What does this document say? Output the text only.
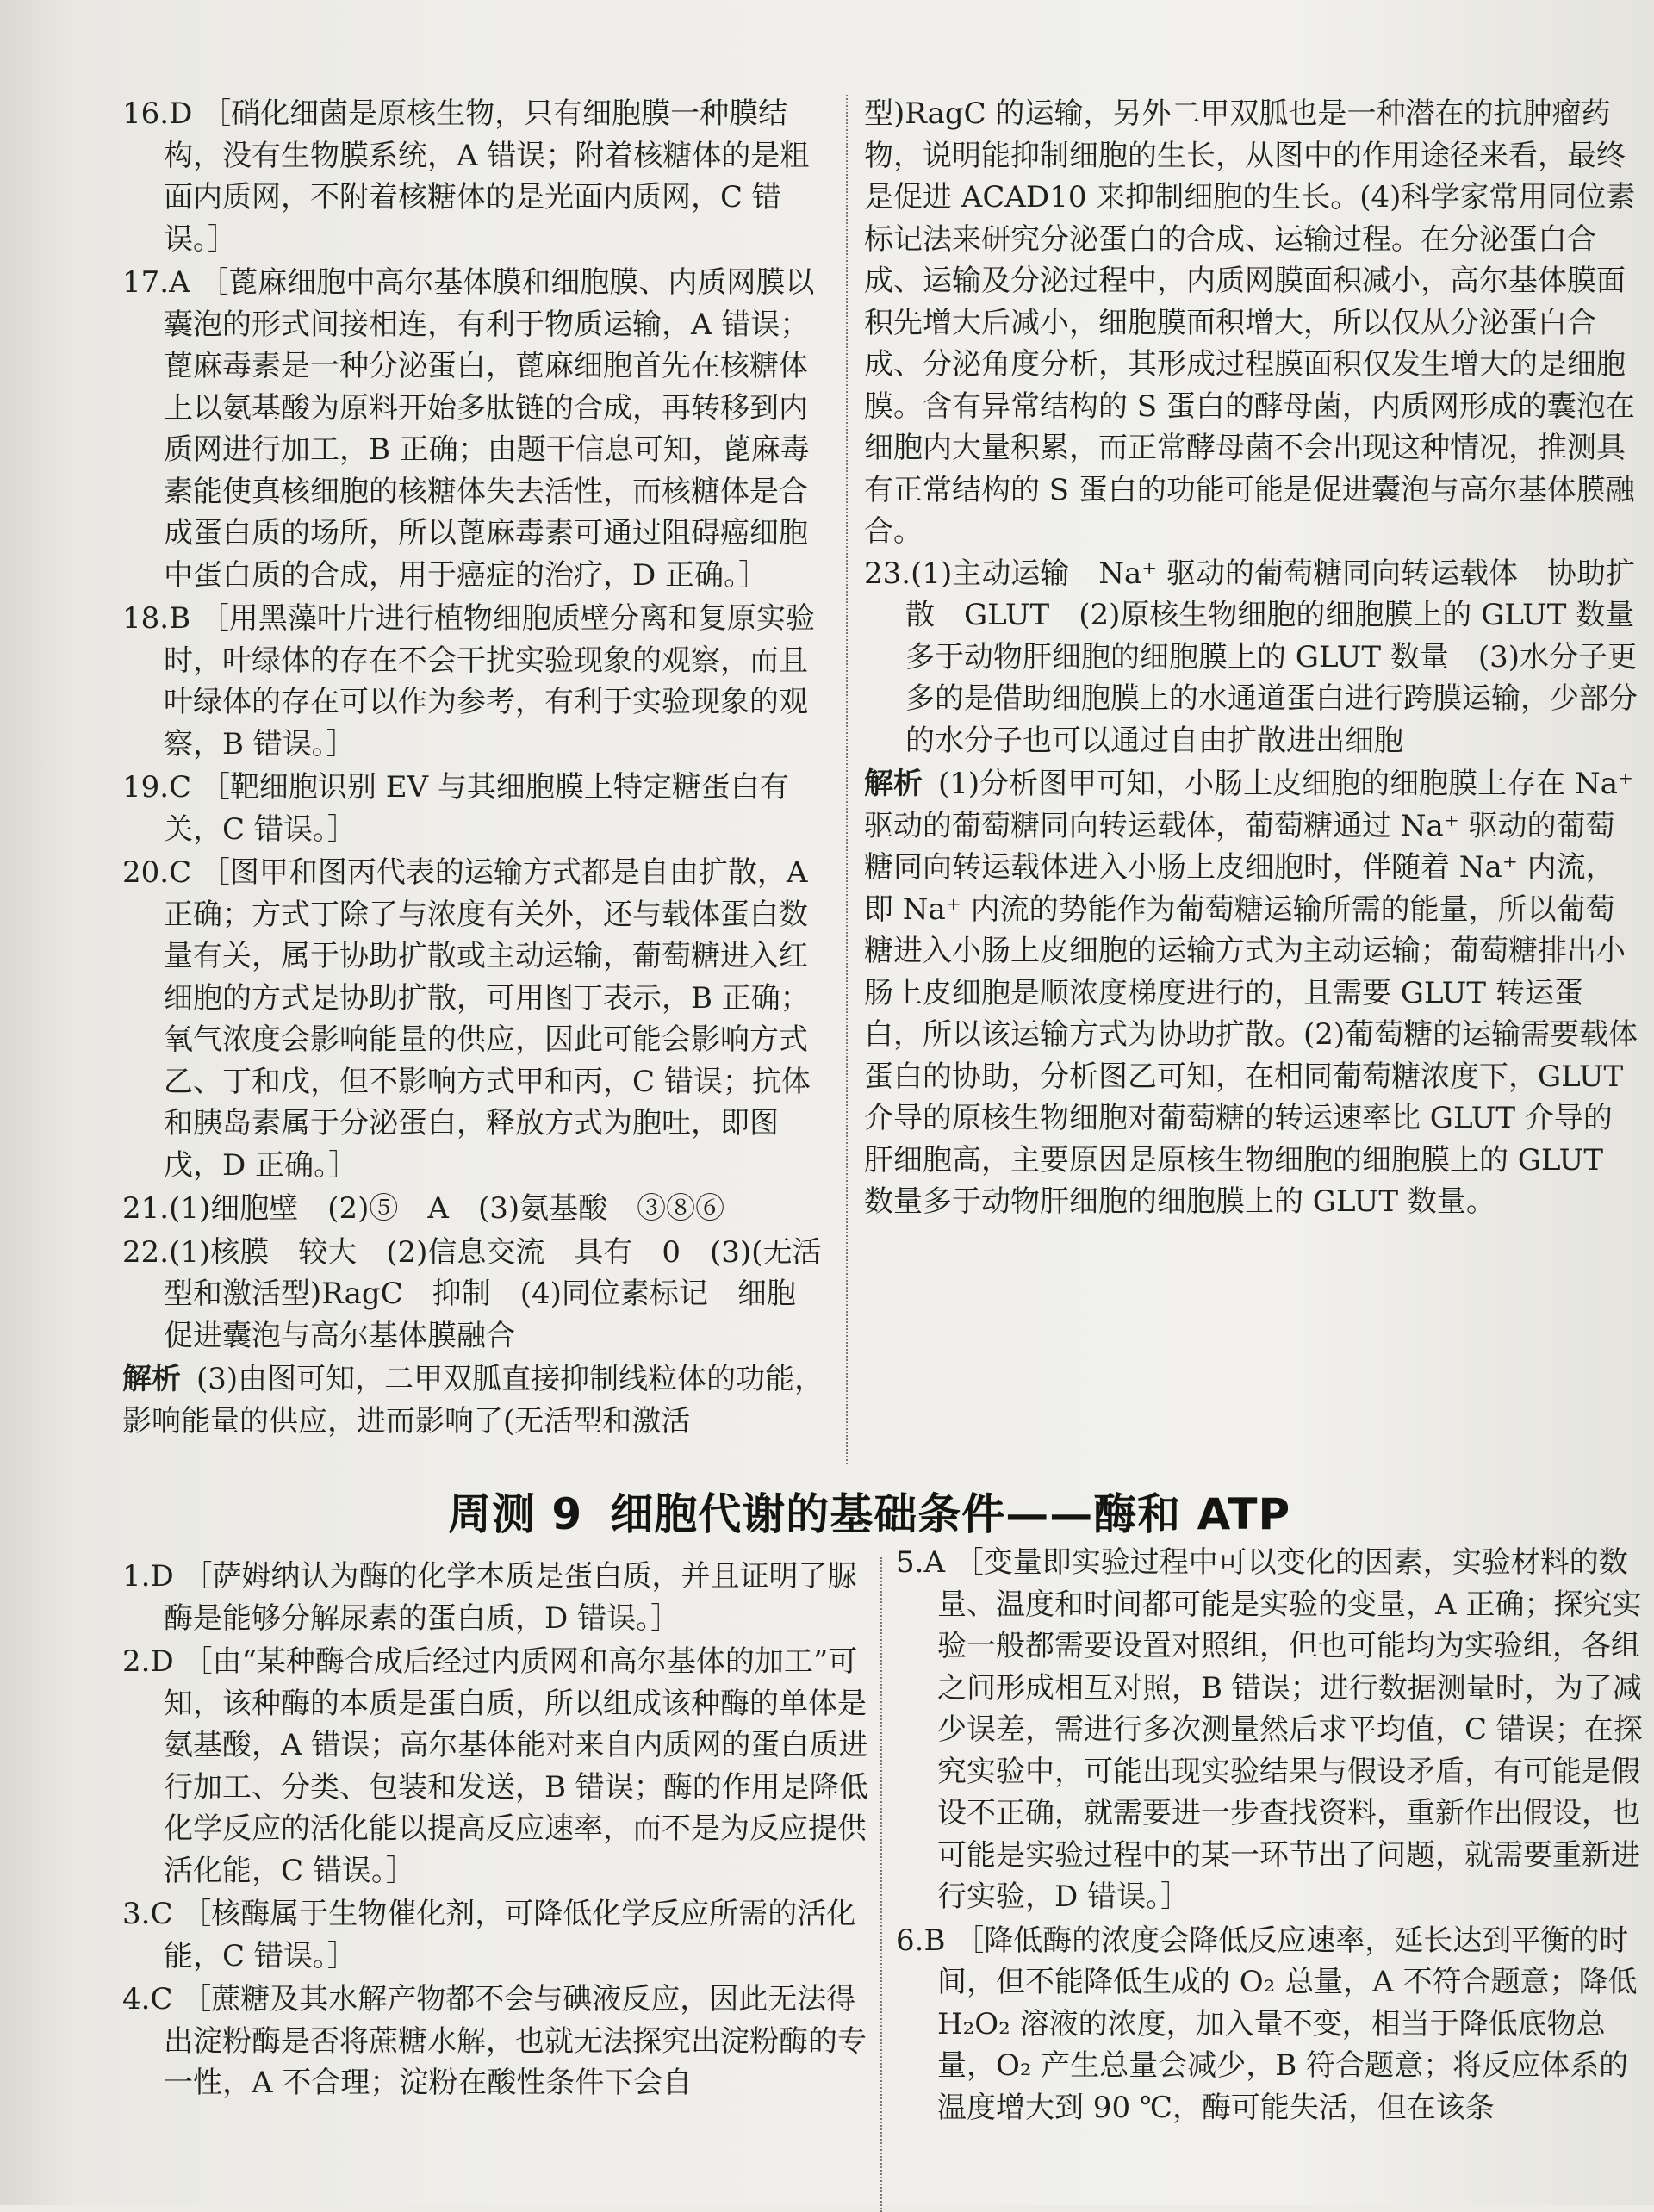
16.D ［硝化细菌是原核生物，只有细胞膜一种膜结构，没有生物膜系统，A 错误；附着核糖体的是粗面内质网，不附着核糖体的是光面内质网，C 错误。］

17.A ［蓖麻细胞中高尔基体膜和细胞膜、内质网膜以囊泡的形式间接相连，有利于物质运输，A 错误；蓖麻毒素是一种分泌蛋白，蓖麻细胞首先在核糖体上以氨基酸为原料开始多肽链的合成，再转移到内质网进行加工，B 正确；由题干信息可知，蓖麻毒素能使真核细胞的核糖体失去活性，而核糖体是合成蛋白质的场所，所以蓖麻毒素可通过阻碍癌细胞中蛋白质的合成，用于癌症的治疗，D 正确。］

18.B ［用黑藻叶片进行植物细胞质壁分离和复原实验时，叶绿体的存在不会干扰实验现象的观察，而且叶绿体的存在可以作为参考，有利于实验现象的观察，B 错误。］

19.C ［靶细胞识别 EV 与其细胞膜上特定糖蛋白有关，C 错误。］

20.C ［图甲和图丙代表的运输方式都是自由扩散，A 正确；方式丁除了与浓度有关外，还与载体蛋白数量有关，属于协助扩散或主动运输，葡萄糖进入红细胞的方式是协助扩散，可用图丁表示，B 正确；氧气浓度会影响能量的供应，因此可能会影响方式乙、丁和戊，但不影响方式甲和丙，C 错误；抗体和胰岛素属于分泌蛋白，释放方式为胞吐，即图戊，D 正确。］

21.(1)细胞壁　(2)⑤　A　(3)氨基酸　③⑧⑥

22.(1)核膜　较大　(2)信息交流　具有　0　(3)(无活型和激活型)RagC　抑制　(4)同位素标记　细胞　促进囊泡与高尔基体膜融合

解析 (3)由图可知，二甲双胍直接抑制线粒体的功能，影响能量的供应，进而影响了(无活型和激活

型)RagC 的运输，另外二甲双胍也是一种潜在的抗肿瘤药物，说明能抑制细胞的生长，从图中的作用途径来看，最终是促进 ACAD10 来抑制细胞的生长。(4)科学家常用同位素标记法来研究分泌蛋白的合成、运输过程。在分泌蛋白合成、运输及分泌过程中，内质网膜面积减小，高尔基体膜面积先增大后减小，细胞膜面积增大，所以仅从分泌蛋白合成、分泌角度分析，其形成过程膜面积仅发生增大的是细胞膜。含有异常结构的 S 蛋白的酵母菌，内质网形成的囊泡在细胞内大量积累，而正常酵母菌不会出现这种情况，推测具有正常结构的 S 蛋白的功能可能是促进囊泡与高尔基体膜融合。

23.(1)主动运输　Na⁺ 驱动的葡萄糖同向转运载体　协助扩散　GLUT　(2)原核生物细胞的细胞膜上的 GLUT 数量多于动物肝细胞的细胞膜上的 GLUT 数量　(3)水分子更多的是借助细胞膜上的水通道蛋白进行跨膜运输，少部分的水分子也可以通过自由扩散进出细胞

解析 (1)分析图甲可知，小肠上皮细胞的细胞膜上存在 Na⁺ 驱动的葡萄糖同向转运载体，葡萄糖通过 Na⁺ 驱动的葡萄糖同向转运载体进入小肠上皮细胞时，伴随着 Na⁺ 内流，即 Na⁺ 内流的势能作为葡萄糖运输所需的能量，所以葡萄糖进入小肠上皮细胞的运输方式为主动运输；葡萄糖排出小肠上皮细胞是顺浓度梯度进行的，且需要 GLUT 转运蛋白，所以该运输方式为协助扩散。(2)葡萄糖的运输需要载体蛋白的协助，分析图乙可知，在相同葡萄糖浓度下，GLUT 介导的原核生物细胞对葡萄糖的转运速率比 GLUT 介导的肝细胞高，主要原因是原核生物细胞的细胞膜上的 GLUT 数量多于动物肝细胞的细胞膜上的 GLUT 数量。

周测 9 细胞代谢的基础条件——酶和 ATP

1.D ［萨姆纳认为酶的化学本质是蛋白质，并且证明了脲酶是能够分解尿素的蛋白质，D 错误。］

2.D ［由“某种酶合成后经过内质网和高尔基体的加工”可知，该种酶的本质是蛋白质，所以组成该种酶的单体是氨基酸，A 错误；高尔基体能对来自内质网的蛋白质进行加工、分类、包装和发送，B 错误；酶的作用是降低化学反应的活化能以提高反应速率，而不是为反应提供活化能，C 错误。］

3.C ［核酶属于生物催化剂，可降低化学反应所需的活化能，C 错误。］

4.C ［蔗糖及其水解产物都不会与碘液反应，因此无法得出淀粉酶是否将蔗糖水解，也就无法探究出淀粉酶的专一性，A 不合理；淀粉在酸性条件下会自

5.A ［变量即实验过程中可以变化的因素，实验材料的数量、温度和时间都可能是实验的变量，A 正确；探究实验一般都需要设置对照组，但也可能均为实验组，各组之间形成相互对照，B 错误；进行数据测量时，为了减少误差，需进行多次测量然后求平均值，C 错误；在探究实验中，可能出现实验结果与假设矛盾，有可能是假设不正确，就需要进一步查找资料，重新作出假设，也可能是实验过程中的某一环节出了问题，就需要重新进行实验，D 错误。］

6.B ［降低酶的浓度会降低反应速率，延长达到平衡的时间，但不能降低生成的 O₂ 总量，A 不符合题意；降低 H₂O₂ 溶液的浓度，加入量不变，相当于降低底物总量，O₂ 产生总量会减少，B 符合题意；将反应体系的温度增大到 90 ℃，酶可能失活，但在该条
